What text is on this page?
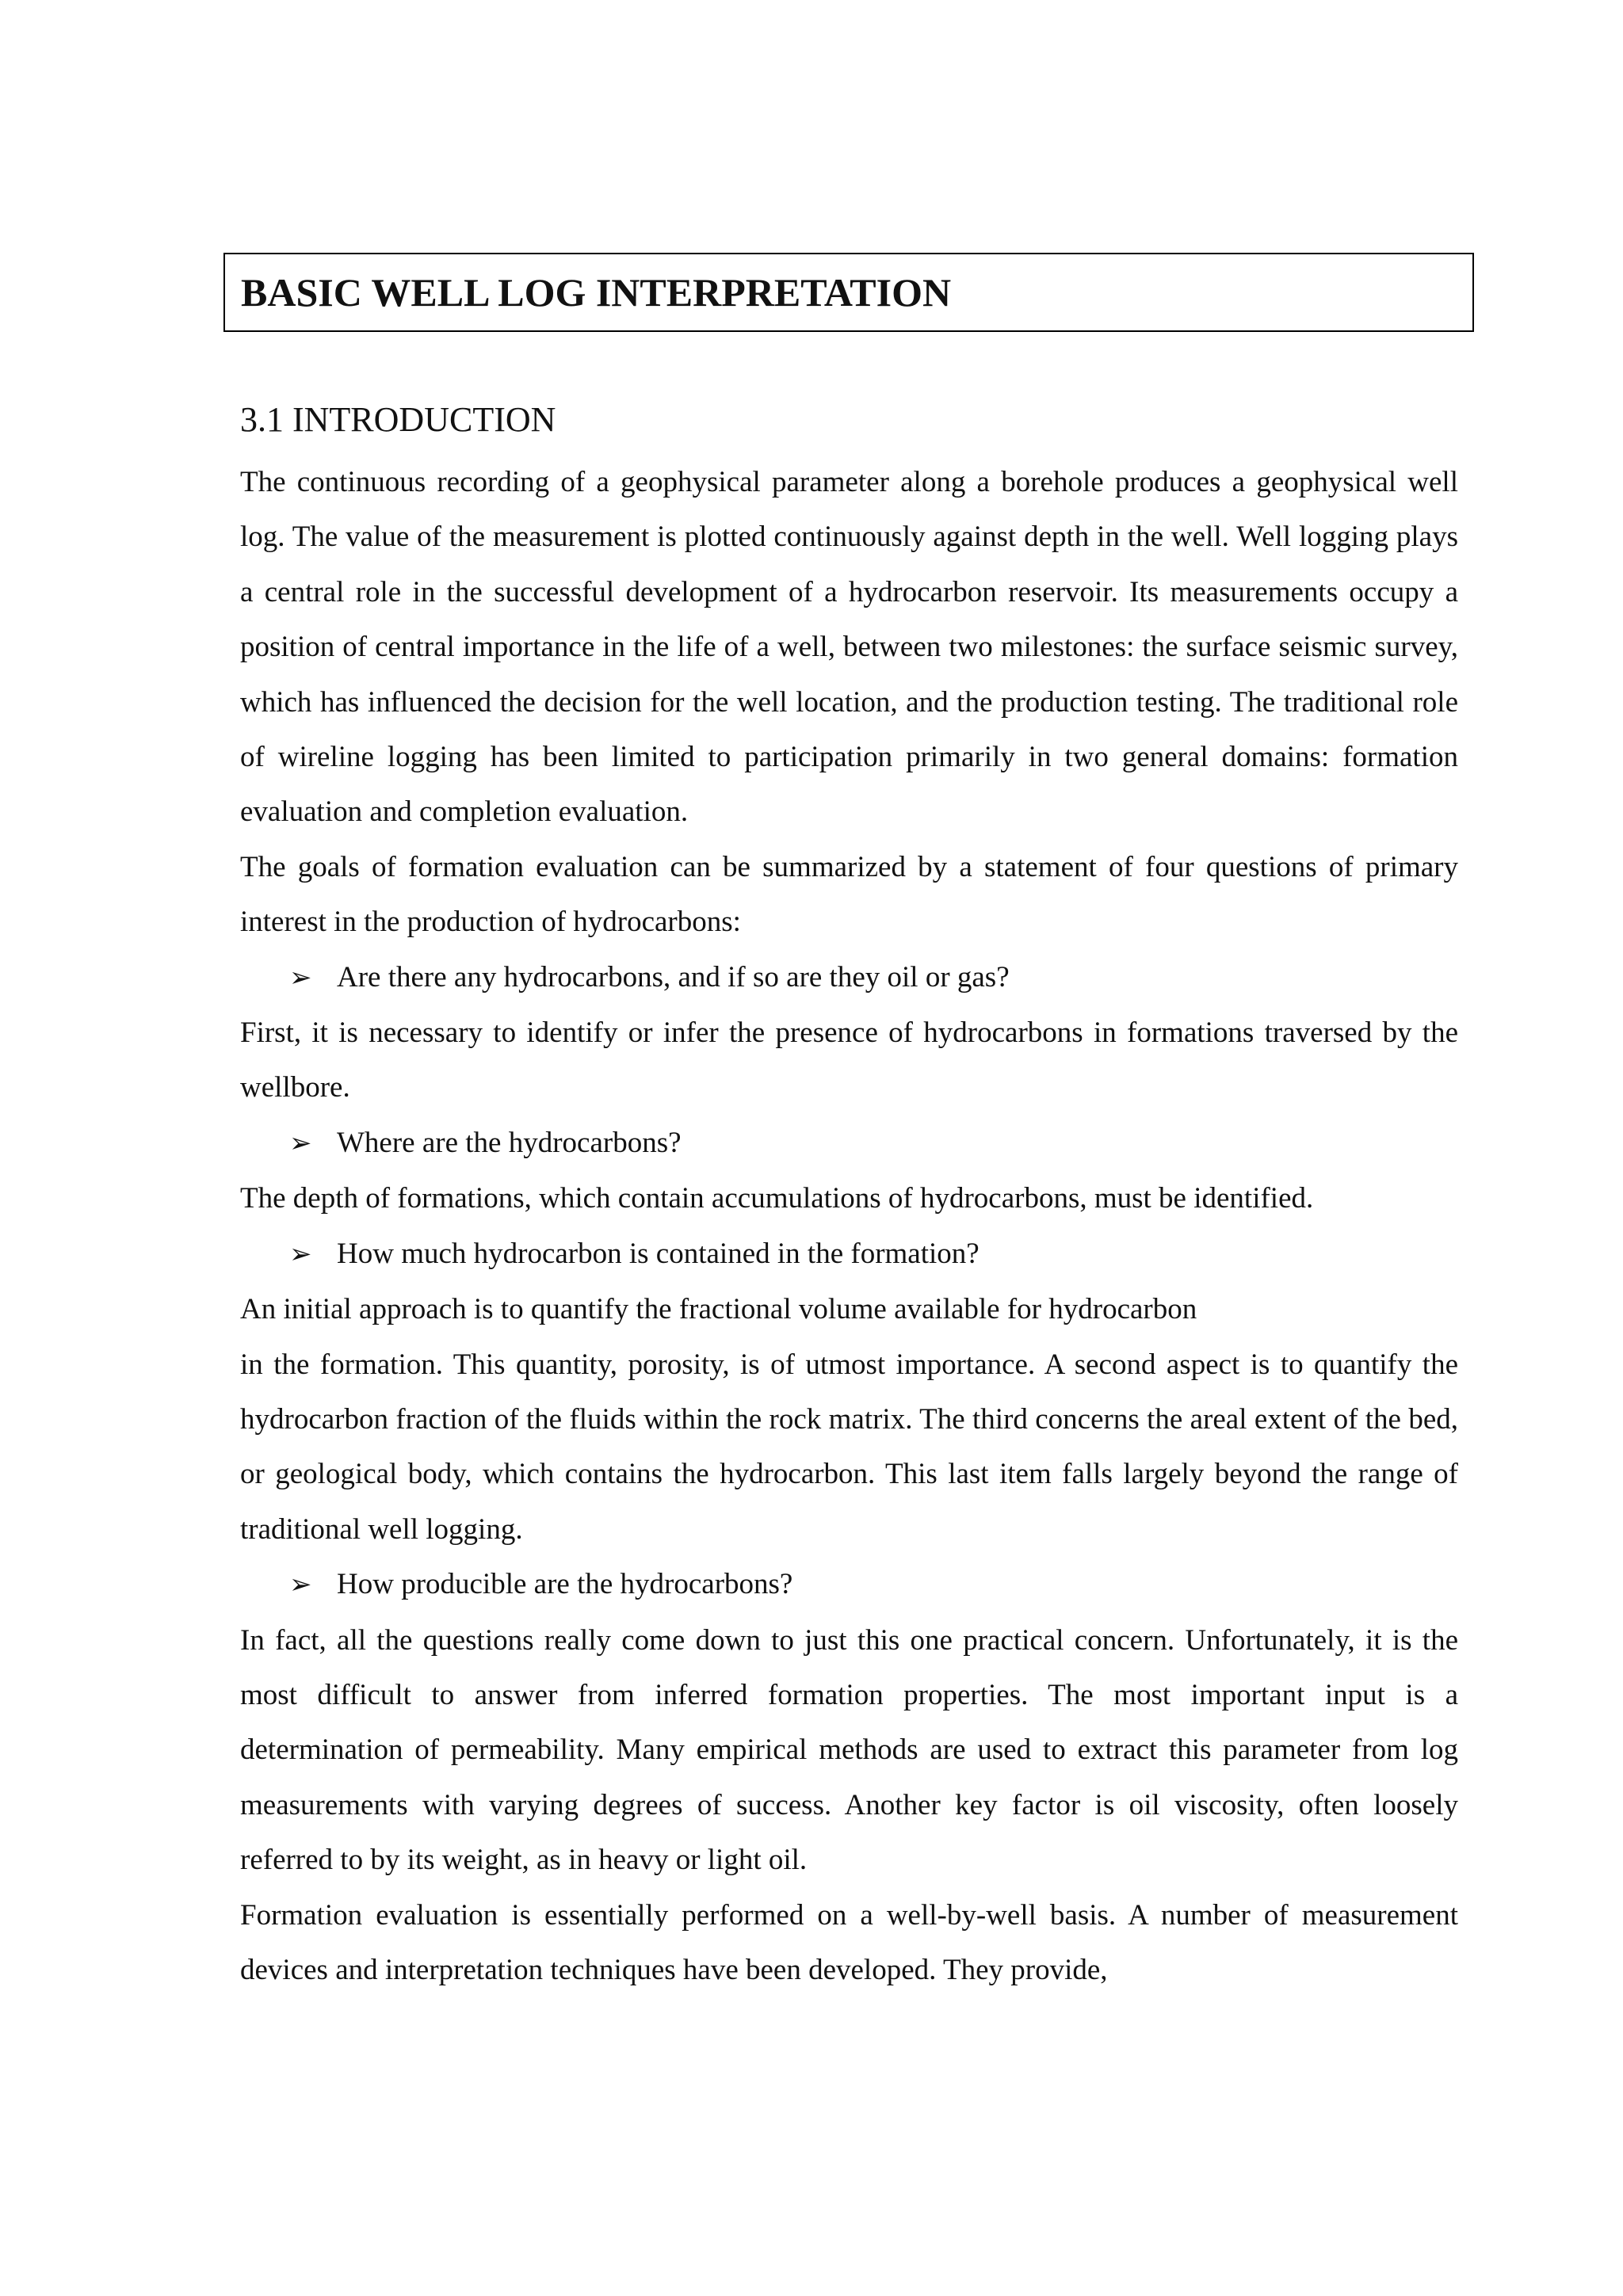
BASIC WELL LOG INTERPRETATION
3.1 INTRODUCTION

The continuous recording of a geophysical parameter along a borehole produces a geophysical well log. The value of the measurement is plotted continuously against depth in the well. Well logging plays a central role in the successful development of a hydrocarbon reservoir. Its measurements occupy a position of central importance in the life of a well, between two milestones: the surface seismic survey, which has influenced the decision for the well location, and the production testing. The traditional role of wireline logging has been limited to participation primarily in two general domains: formation evaluation and completion evaluation.

The goals of formation evaluation can be summarized by a statement of four questions of primary interest in the production of hydrocarbons:

➢ Are there any hydrocarbons, and if so are they oil or gas?

First, it is necessary to identify or infer the presence of hydrocarbons in formations traversed by the wellbore.

➢ Where are the hydrocarbons?

The depth of formations, which contain accumulations of hydrocarbons, must be identified.

➢ How much hydrocarbon is contained in the formation?

An initial approach is to quantify the fractional volume available for hydrocarbon

in the formation. This quantity, porosity, is of utmost importance. A second aspect is to quantify the hydrocarbon fraction of the fluids within the rock matrix. The third concerns the areal extent of the bed, or geological body, which contains the hydrocarbon. This last item falls largely beyond the range of traditional well logging.

➢ How producible are the hydrocarbons?

In fact, all the questions really come down to just this one practical concern. Unfortunately, it is the most difficult to answer from inferred formation properties. The most important input is a determination of permeability. Many empirical methods are used to extract this parameter from log measurements with varying degrees of success. Another key factor is oil viscosity, often loosely referred to by its weight, as in heavy or light oil.

Formation evaluation is essentially performed on a well-by-well basis. A number of measurement devices and interpretation techniques have been developed. They provide,
